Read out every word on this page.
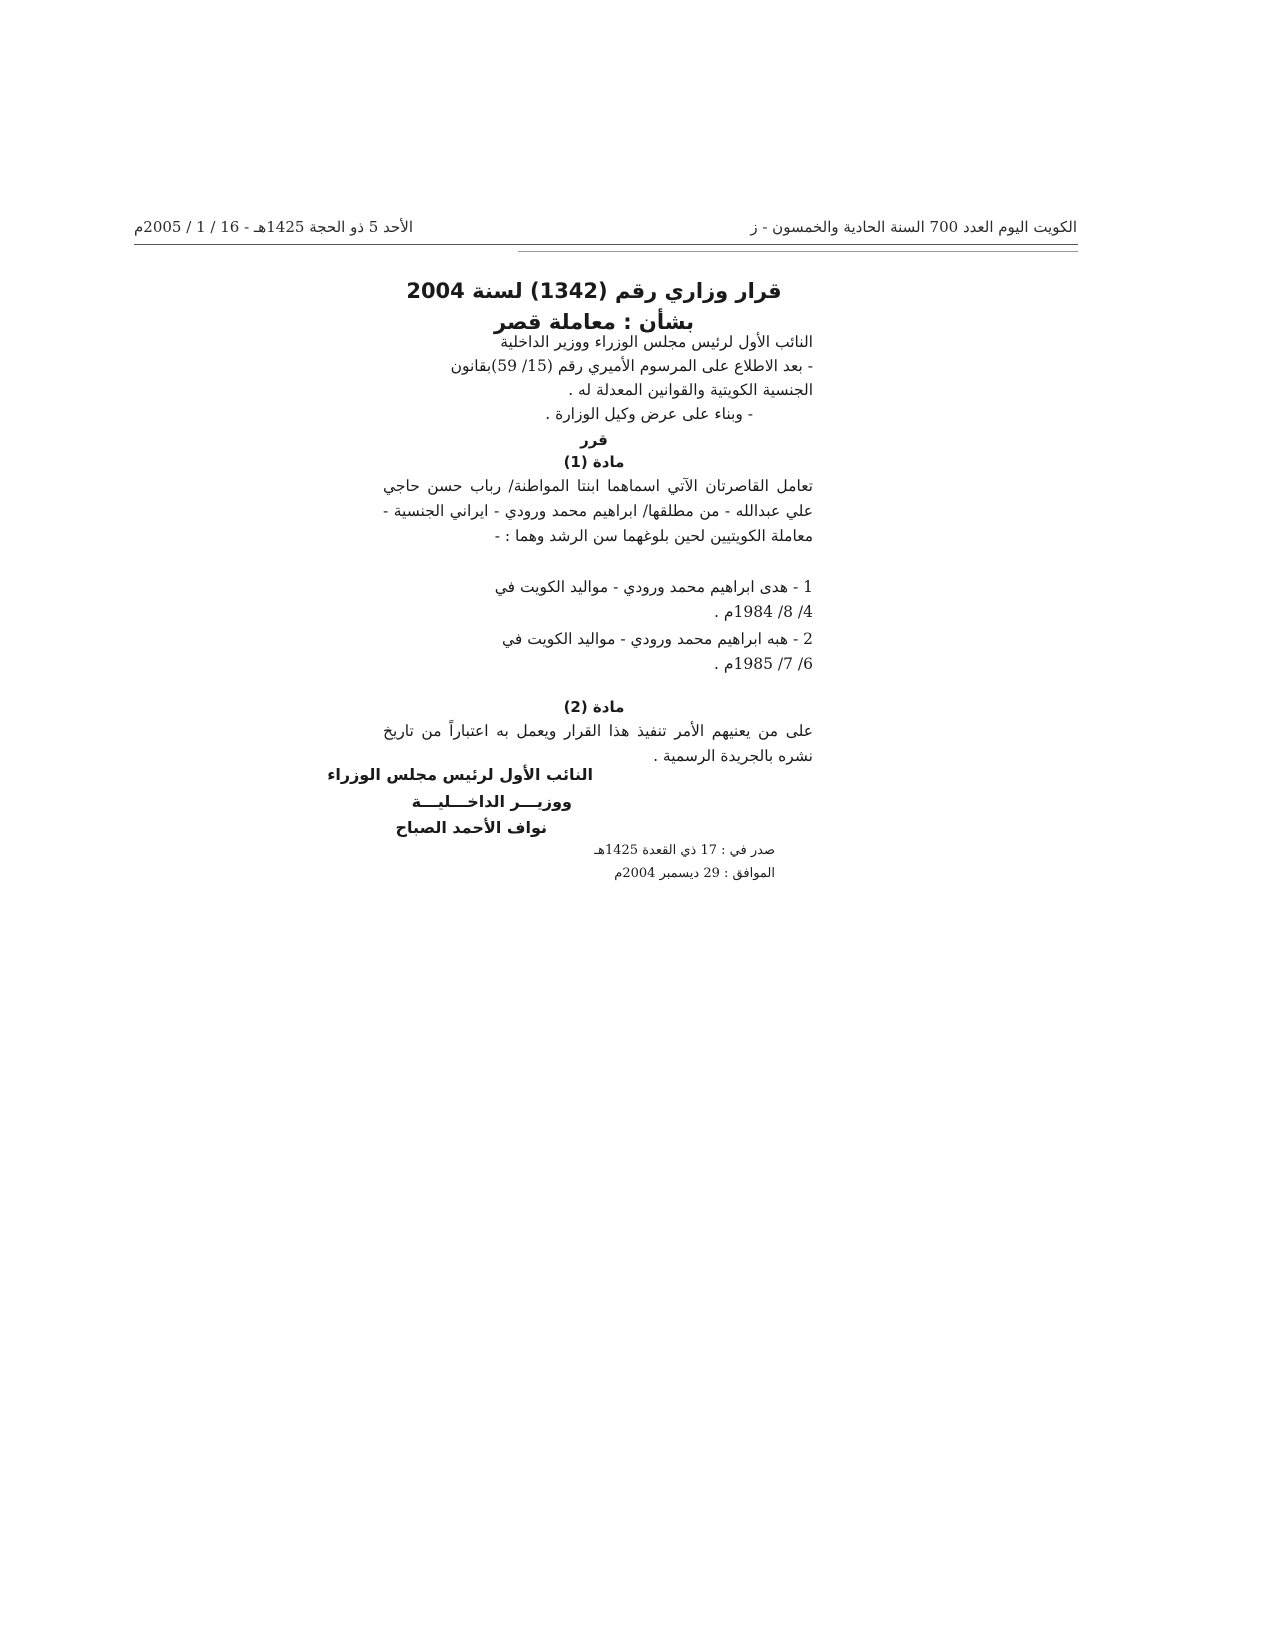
الكويت اليوم العدد 700 السنة الحادية والخمسون - ز
الأحد 5 ذو الحجة 1425هـ - 16 / 1 / 2005م
قرار وزاري رقم (1342) لسنة 2004
بشأن : معاملة قصر
النائب الأول لرئيس مجلس الوزراء ووزير الداخلية
- بعد الاطلاع على المرسوم الأميري رقم (15/ 59)بقانون
الجنسية الكويتية والقوانين المعدلة له .
- وبناء على عرض وكيل الوزارة .
قرر
مادة (1)
تعامل القاصرتان الآتي اسماهما ابنتا المواطنة/ رباب حسن حاجي علي عبدالله - من مطلقها/ ابراهيم محمد ورودي - ايراني الجنسية - معاملة الكويتيين لحين بلوغهما سن الرشد وهما : -
1 - هدى ابراهيم محمد ورودي - مواليد الكويت في
4/ 8/ 1984م .
2 - هبه ابراهيم محمد ورودي - مواليد الكويت في
6/ 7/ 1985م .
مادة (2)
على من يعنيهم الأمر تنفيذ هذا القرار ويعمل به اعتباراً من تاريخ نشره بالجريدة الرسمية .
النائب الأول لرئيس مجلس الوزراء
ووزيـــر الداخـــليـــة
نواف الأحمد الصباح
صدر في : 17 ذي القعدة 1425هـ
الموافق : 29 ديسمبر 2004م
